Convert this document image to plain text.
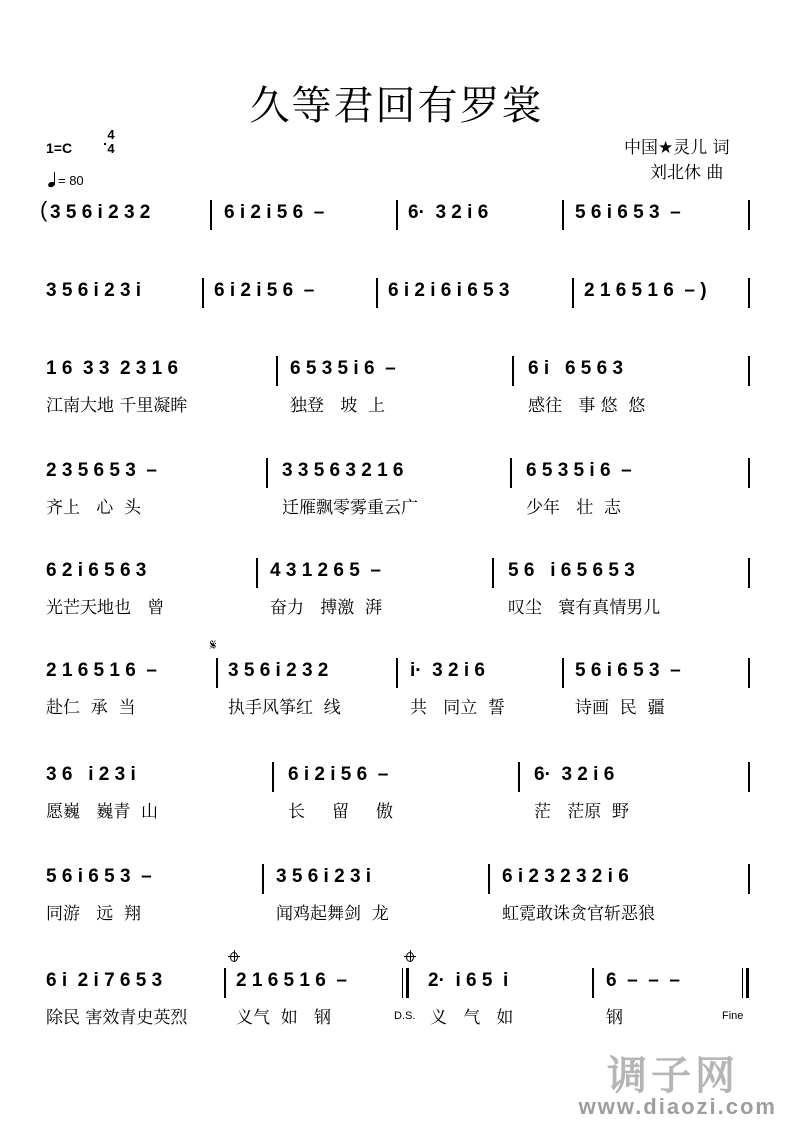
久等君回有罗裳
中国★灵儿 词
刘北休 曲
1=C
4
4
= 80
( 3 5 6 i 2 3 2	6 i 2 i 5 6  –	6·  3 2 i 6	5 6 i 6 5 3  –
3 5 6 i 2 3 i	6 i 2 i 5 6  –	6 i 2 i 6 i 6 5 3	2 1 6 5 1 6  – )
1 6  3 3  2 3 1 6	6 5 3 5 i 6  –	6 i   6 5 6 3
江南大地 千里凝眸	独登   坡  上	感往   事 悠  悠
2 3 5 6 5 3  –	3 3 5 6 3 2 1 6	6 5 3 5 i 6  –
齐上   心  头	迁雁飘零雾重云广	少年   壮  志
6 2 i 6 5 6 3	4 3 1 2 6 5  –	5 6   i 6 5 6 5 3
光芒天地也   曾	奋力   搏激  湃	叹尘   寰有真情男儿
𝄋
2 1 6 5 1 6  –	3 5 6 i 2 3 2	i·  3 2 i 6	5 6 i 6 5 3  –
赴仁  承  当	执手风筝红  线	共   同立  誓	诗画  民  疆
3 6   i 2 3 i	6 i 2 i 5 6  –	6·  3 2 i 6
愿巍   巍青  山	长     留     傲	茫   茫原  野
5 6 i 6 5 3  –	3 5 6 i 2 3 i	6 i 2 3 2 3 2 i 6
同游   远  翔	闻鸡起舞剑  龙	虹霓敢诛贪官斩恶狼
6 i  2 i 7 6 5 3	2 1 6 5 1 6  –	2·  i 6 5  i	6  –  –  –
除民 害效青史英烈	义气  如   钢	D.S. 义   气   如	钢	Fine
调子网
www.diaozi.com
